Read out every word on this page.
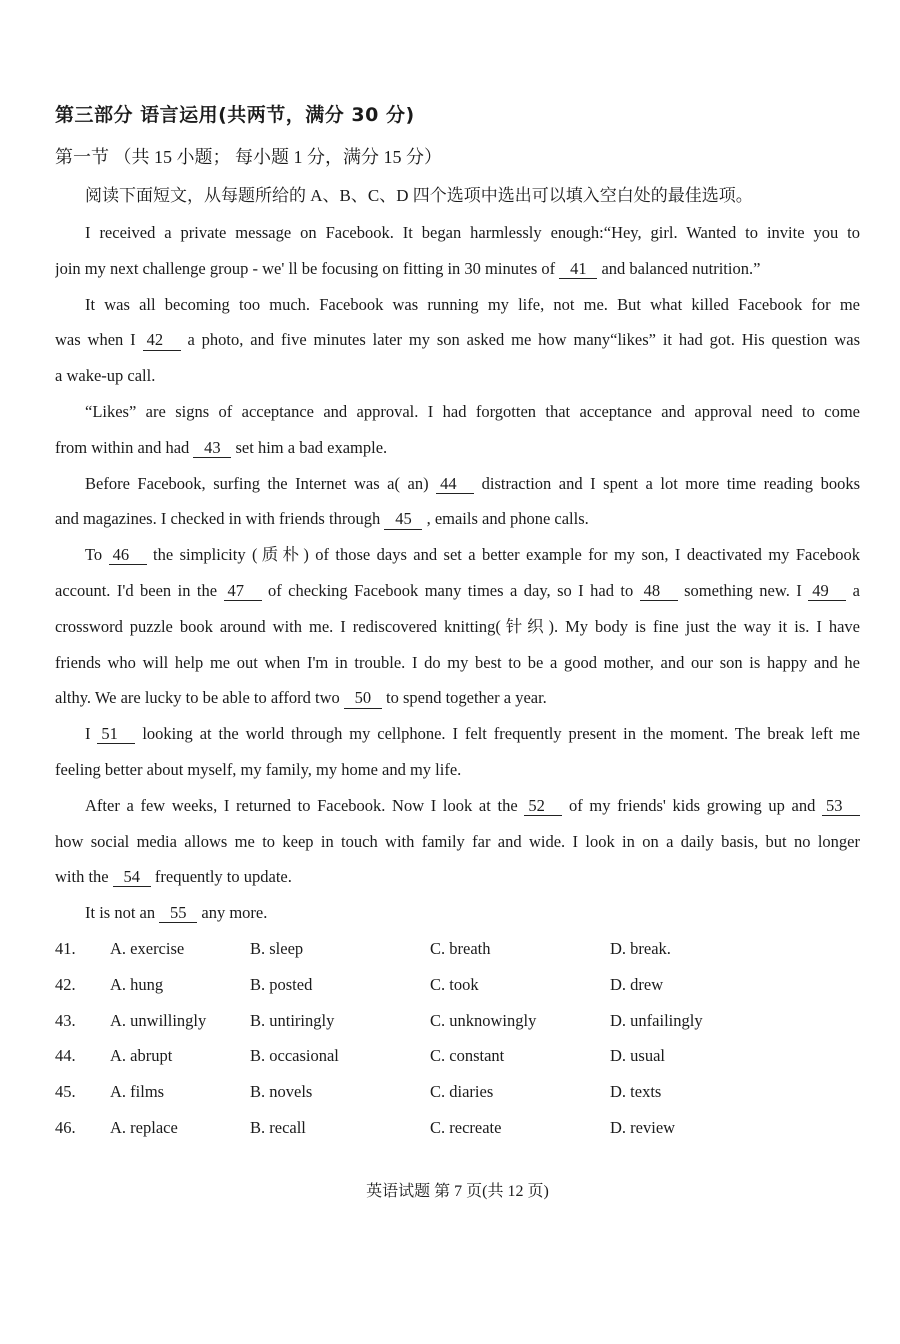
第三部分 语言运用(共两节，满分 30 分)
第一节 （共 15 小题； 每小题 1 分，满分 15 分）
阅读下面短文，从每题所给的 A、B、C、D 四个选项中选出可以填入空白处的最佳选项。
I received a private message on Facebook. It began harmlessly enough:“Hey, girl. Wanted to invite you to
join my next challenge group - we' ll be focusing on fitting in 30 minutes of 41 and balanced nutrition.”
It was all becoming too much. Facebook was running my life, not me. But what killed Facebook for me
was when I 42 a photo, and five minutes later my son asked me how many“likes” it had got. His question was
a wake-up call.
“Likes” are signs of acceptance and approval. I had forgotten that acceptance and approval need to come
from within and had 43 set him a bad example.
Before Facebook, surfing the Internet was a( an) 44 distraction and I spent a lot more time reading books
and magazines. I checked in with friends through 45 , emails and phone calls.
To 46 the simplicity (质朴) of those days and set a better example for my son, I deactivated my Facebook
account. I'd been in the 47 of checking Facebook many times a day, so I had to 48 something new. I 49 a
crossword puzzle book around with me. I rediscovered knitting(针织). My body is fine just the way it is. I have
friends who will help me out when I'm in trouble. I do my best to be a good mother, and our son is happy and he
althy. We are lucky to be able to afford two 50 to spend together a year.
I 51 looking at the world through my cellphone. I felt frequently present in the moment. The break left me
feeling better about myself, my family, my home and my life.
After a few weeks, I returned to Facebook. Now I look at the 52 of my friends' kids growing up and 53
how social media allows me to keep in touch with family far and wide. I look in on a daily basis, but no longer
with the 54 frequently to update.
It is not an 55 any more.
41.	A. exercise	B. sleep	C. breath	D. break.
42.	A. hung	B. posted	C. took	D. drew
43.	A. unwillingly	B. untiringly	C. unknowingly	D. unfailingly
44.	A. abrupt	B. occasional	C. constant	D. usual
45.	A. films	B. novels	C. diaries	D. texts
46.	A. replace	B. recall	C. recreate	D. review
英语试题 第 7 页(共 12 页)
